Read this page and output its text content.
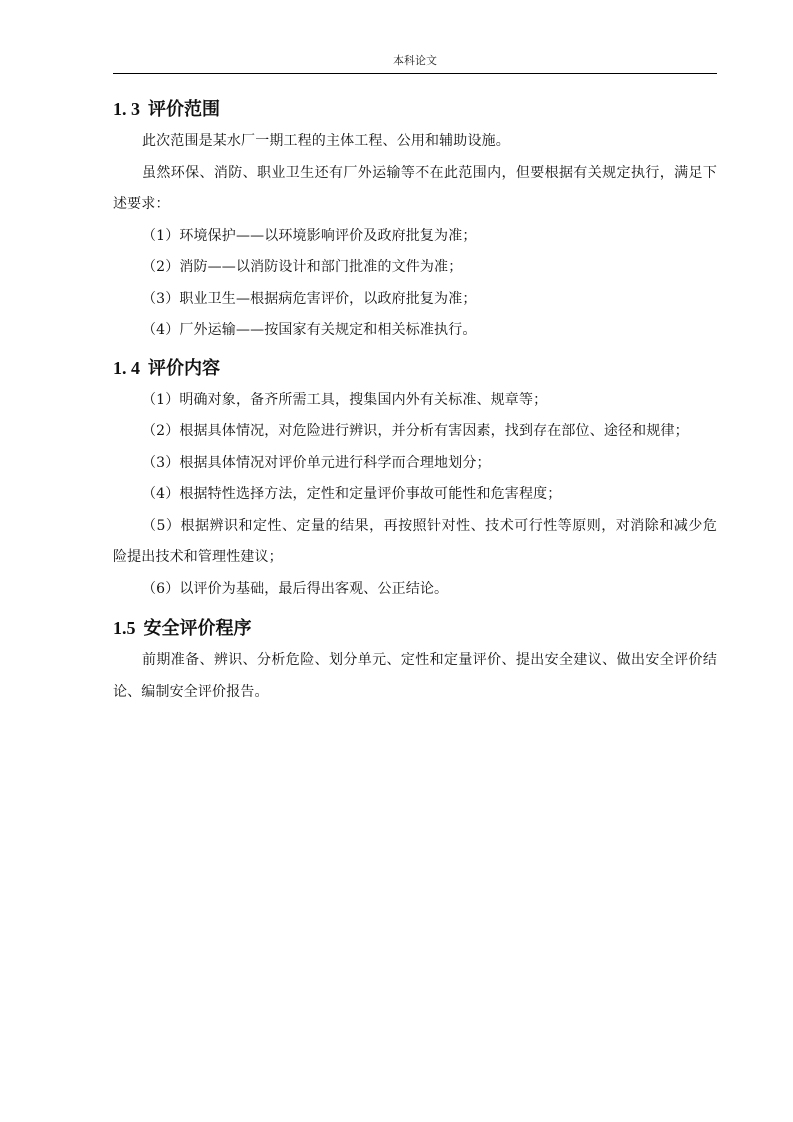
本科论文
1. 3 评价范围

此次范围是某水厂一期工程的主体工程、公用和辅助设施。

虽然环保、消防、职业卫生还有厂外运输等不在此范围内，但要根据有关规定执行，满足下述要求：

（1）环境保护——以环境影响评价及政府批复为准；

（2）消防——以消防设计和部门批准的文件为准；

（3）职业卫生—根据病危害评价，以政府批复为准；

（4）厂外运输——按国家有关规定和相关标准执行。

1. 4 评价内容

（1）明确对象，备齐所需工具，搜集国内外有关标准、规章等；

（2）根据具体情况，对危险进行辨识，并分析有害因素，找到存在部位、途径和规律；

（3）根据具体情况对评价单元进行科学而合理地划分；

（4）根据特性选择方法，定性和定量评价事故可能性和危害程度；

（5）根据辨识和定性、定量的结果，再按照针对性、技术可行性等原则，对消除和减少危险提出技术和管理性建议；

（6）以评价为基础，最后得出客观、公正结论。

1.5 安全评价程序

前期准备、辨识、分析危险、划分单元、定性和定量评价、提出安全建议、做出安全评价结论、编制安全评价报告。
